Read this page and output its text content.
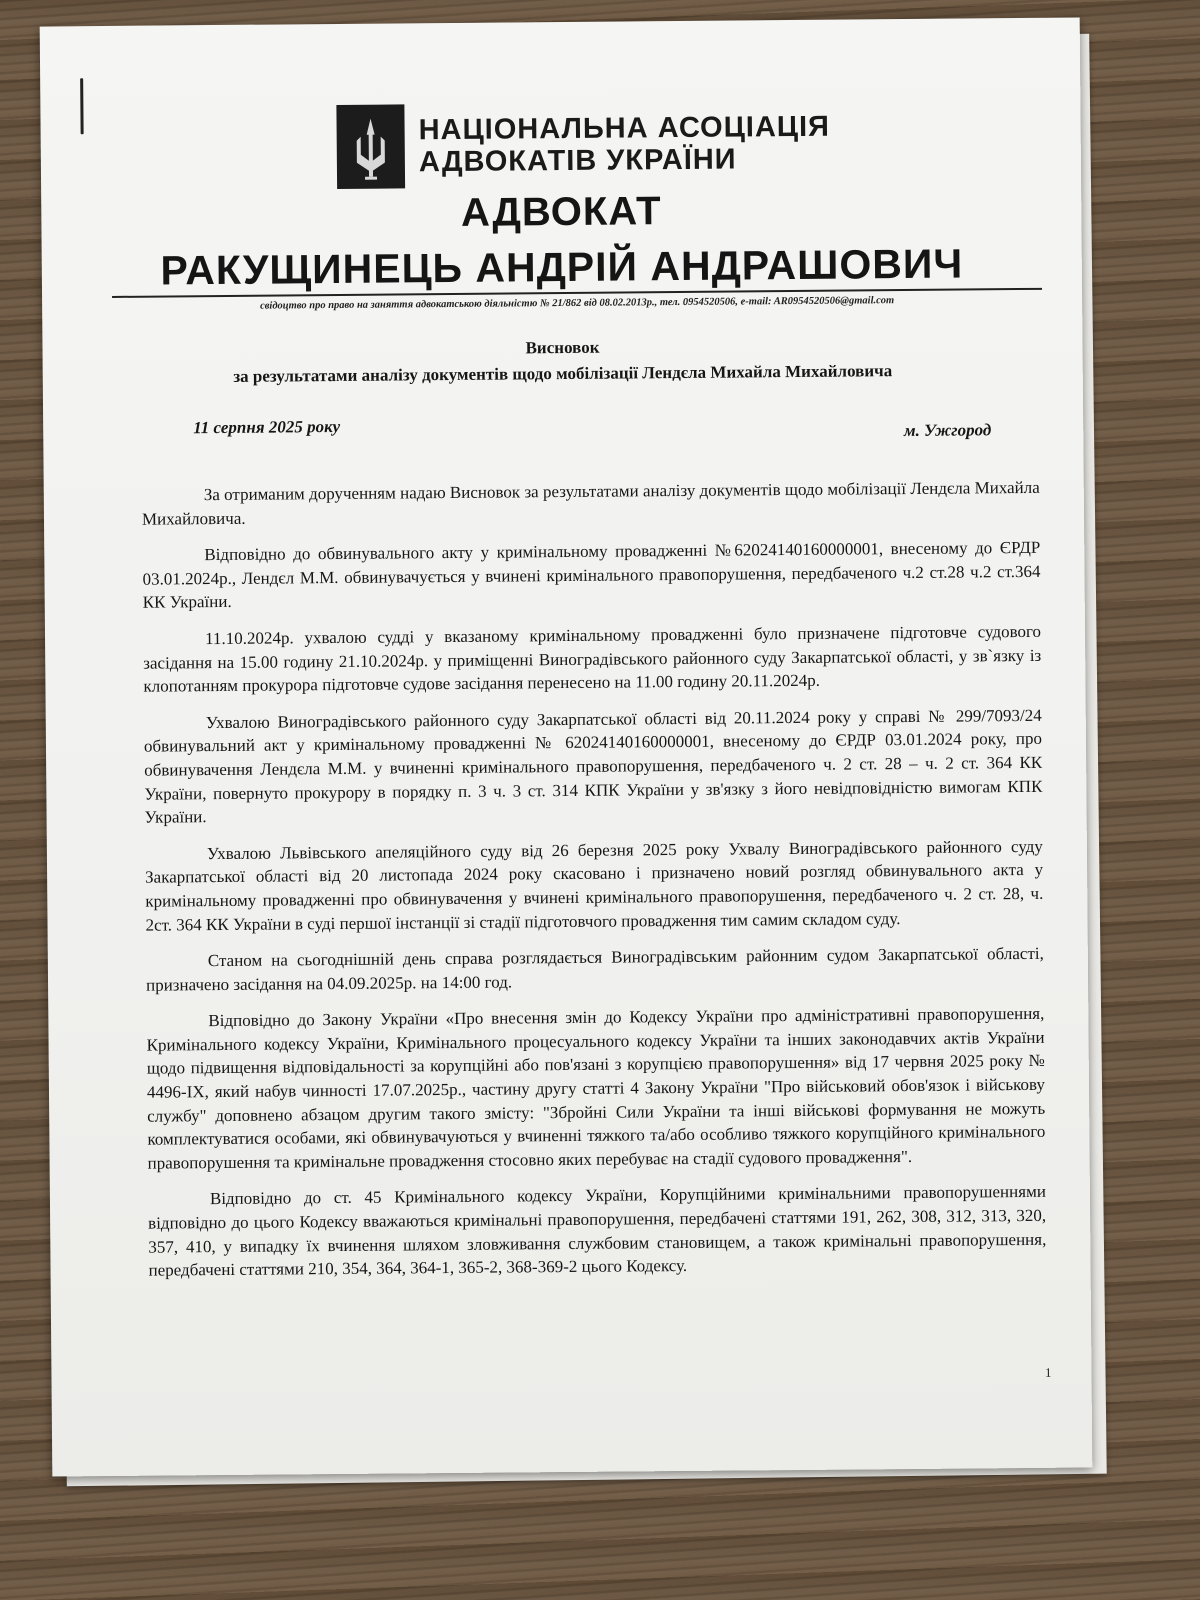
НАЦІОНАЛЬНА АСОЦІАЦІЯ
АДВОКАТІВ УКРАЇНИ
АДВОКАТ
РАКУЩИНЕЦЬ АНДРІЙ АНДРАШОВИЧ
свідоцтво про право на заняття адвокатською діяльністю № 21/862 від 08.02.2013р., тел. 0954520506, e-mail: AR0954520506@gmail.com
Висновок
за результатами аналізу документів щодо мобілізації Лендєла Михайла Михайловича
11 серпня 2025 року	м. Ужгород

За отриманим дорученням надаю Висновок за результатами аналізу документів щодо мобілізації Лендєла Михайла Михайловича.

Відповідно до обвинувального акту у кримінальному провадженні №62024140160000001, внесеному до ЄРДР 03.01.2024р., Лендєл М.М. обвинувачується у вчинені кримінального правопорушення, передбаченого ч.2 ст.28 ч.2 ст.364 КК України.

11.10.2024р. ухвалою судді у вказаному кримінальному провадженні було призначене підготовче судового засідання на 15.00 годину 21.10.2024р. у приміщенні Виноградівського районного суду Закарпатської області, у зв`язку із клопотанням прокурора підготовче судове засідання перенесено на 11.00 годину 20.11.2024р.

Ухвалою Виноградівського районного суду Закарпатської області від 20.11.2024 року у справі № 299/7093/24 обвинувальний акт у кримінальному провадженні № 62024140160000001, внесеному до ЄРДР 03.01.2024 року, про обвинувачення Лендєла М.М. у вчиненні кримінального правопорушення, передбаченого ч. 2 ст. 28 – ч. 2 ст. 364 КК України, повернуто прокурору в порядку п. 3 ч. 3 ст. 314 КПК України у зв'язку з його невідповідністю вимогам КПК України.

Ухвалою Львівського апеляційного суду від 26 березня 2025 року Ухвалу Виноградівського районного суду Закарпатської області від 20 листопада 2024 року скасовано і призначено новий розгляд обвинувального акта у кримінальному провадженні про обвинувачення у вчинені кримінального правопорушення, передбаченого ч. 2 ст. 28, ч. 2ст. 364 КК України в суді першої інстанції зі стадії підготовчого провадження тим самим складом суду.

Станом на сьогоднішній день справа розглядається Виноградівським районним судом Закарпатської області, призначено засідання на 04.09.2025р. на 14:00 год.

Відповідно до Закону України «Про внесення змін до Кодексу України про адміністративні правопорушення, Кримінального кодексу України, Кримінального процесуального кодексу України та інших законодавчих актів України щодо підвищення відповідальності за корупційні або пов'язані з корупцією правопорушення» від 17 червня 2025 року № 4496-IX, який набув чинності 17.07.2025р., частину другу статті 4 Закону України "Про військовий обов'язок і військову службу" доповнено абзацом другим такого змісту: "Збройні Сили України та інші військові формування не можуть комплектуватися особами, які обвинувачуються у вчиненні тяжкого та/або особливо тяжкого корупційного кримінального правопорушення та кримінальне провадження стосовно яких перебуває на стадії судового провадження".

Відповідно до ст. 45 Кримінального кодексу України, Корупційними кримінальними правопорушеннями відповідно до цього Кодексу вважаються кримінальні правопорушення, передбачені статтями 191, 262, 308, 312, 313, 320, 357, 410, у випадку їх вчинення шляхом зловживання службовим становищем, а також кримінальні правопорушення, передбачені статтями 210, 354, 364, 364-1, 365-2, 368-369-2 цього Кодексу.

1
